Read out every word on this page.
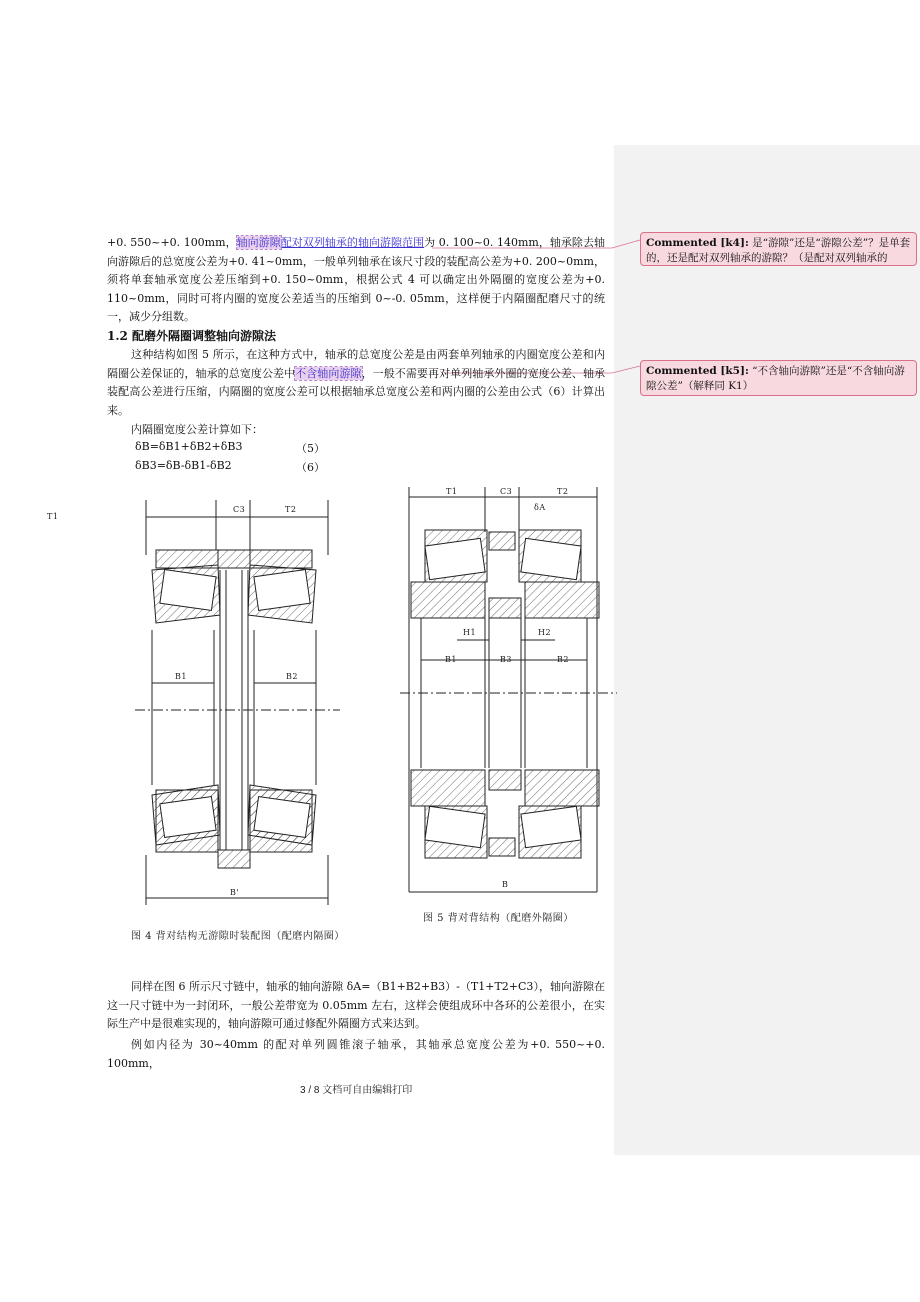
Commented [k4]: 是“游隙”还是“游隙公差”？是单套的，还是配对双列轴承的游隙？（是配对双列轴承的
Commented [k5]: “不含轴向游隙”还是“不含轴向游隙公差”（解释同 K1）
+0. 550~+0. 100mm，轴向游隙配对双列轴承的轴向游隙范围为 0. 100~0. 140mm，轴承除去轴向游隙后的总宽度公差为+0. 41~0mm，一般单列轴承在该尺寸段的装配高公差为+0. 200~0mm，须将单套轴承宽度公差压缩到+0. 150~0mm，根据公式 4 可以确定出外隔圈的宽度公差为+0. 110~0mm，同时可将内圈的宽度公差适当的压缩到 0~-0. 05mm，这样便于内隔圈配磨尺寸的统一，减少分组数。
1.2 配磨外隔圈调整轴向游隙法
这种结构如图 5 所示，在这种方式中，轴承的总宽度公差是由两套单列轴承的内圈宽度公差和内隔圈公差保证的，轴承的总宽度公差中不含轴向游隙，一般不需要再对单列轴承外圈的宽度公差、轴承装配高公差进行压缩，内隔圈的宽度公差可以根据轴承总宽度公差和两内圈的公差由公式（6）计算出来。
内隔圈宽度公差计算如下：
δB=δB1+δB2+δB3	（5）
δB3=δB-δB1-δB2	（6）
T1
C3	T2
B1	B2
B'
图 4 背对结构无游隙时装配图（配磨内隔圈）
T1	C3	T2
δA
H1	H2
B1	B3	B2
B
图 5 背对背结构（配磨外隔圈）
同样在图 6 所示尺寸链中，轴承的轴向游隙 δA=（B1+B2+B3）-（T1+T2+C3），轴向游隙在这一尺寸链中为一封闭环，一般公差带宽为 0.05mm 左右，这样会使组成环中各环的公差很小，在实际生产中是很难实现的，轴向游隙可通过修配外隔圈方式来达到。
例如内径为 30~40mm 的配对单列圆锥滚子轴承，其轴承总宽度公差为+0. 550~+0. 100mm，
3 / 8 文档可自由编辑打印
